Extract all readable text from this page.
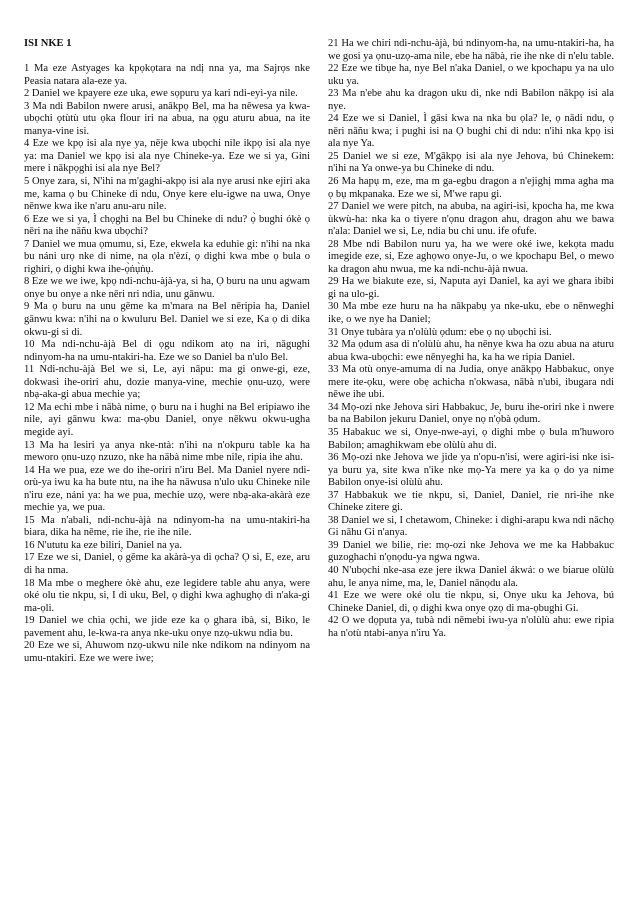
ISI NKE 1

1 Ma eze Astyages ka kpọkọtara na ndị nna ya, ma Sajrọs nke Peasia natara ala-eze ya.

2 Daniel we kpayere eze uka, ewe sọpuru ya kari ndi-eyì-ya nile.

3 Ma ndi Babilon nwere arusi, anākpọ Bel, ma ha nēwesa ya kwa-ubọchi ọtùtù utu ọka flour iri na abua, na ọgu aturu abua, na ite manya-vine isi.

4 Eze we kpọ isi ala nye ya, nēje kwa ubọchi nile ikpọ isi ala nye ya: ma Daniel we kpọ isi ala nye Chineke-ya. Eze we si ya, Gini mere i nākpọghi isi ala nye Bel?

5 Onye zara, si, N'ihi na m'gaghi-akpọ isi ala nye arusi nke ejiri aka me, kama ọ bu Chineke di ndu, Onye kere elu-igwe na uwa, Onye nēnwe kwa ike n'aru anu-aru nile.

6 Eze we si ya, Ì chọghi na Bel bu Chineke di ndu? ọ̀ bughi ókè ọ nēri na ihe nāñu kwa ubọchi?

7 Daniel we mua ọmumu, si, Eze, ekwela ka eduhie gi: n'ihi na nka bu náni urọ nke di nime, na ọla n'èzí, ọ dighi kwa mbe ọ bula o righiri, ọ dighi kwa ihe-ọ̀ṅụ̀ṅụ.

8 Eze we we iwe, kpọ ndi-nchu-àjà-ya, si ha, Ọ buru na unu agwam onye bu onye a nke nēri nri ndia, unu gānwu.

9 Ma ọ buru na unu gēme ka m'mara na Bel nēripia ha, Daniel gānwu kwa: n'ihi na o kwuluru Bel. Daniel we si eze, Ka ọ di dika okwu-gi si di.

10 Ma ndi-nchu-àjà Bel di ọgu ndikom atọ na iri, nāgughi ndinyom-ha na umu-ntakiri-ha. Eze we so Daniel ba n'ulo Bel.

11 Ndi-nchu-àjà Bel we si, Le, ayi nāpu: ma gi onwe-gi, eze, dokwasi ihe-oriri ahu, dozie manya-vine, mechie ọnu-uzọ, were nbạ-aka-gi abua mechie ya;

12 Ma echi mbe i nābà nime, ọ buru na i hughi na Bel eripiawo ihe nile, ayi gānwu kwa: ma-ọbu Daniel, onye nēkwu okwu-ugha megide ayi.

13 Ma ha lesiri ya anya nke-ntà: n'ihi na n'okpuru table ka ha meworo ọnu-uzọ nzuzo, nke ha nābà nime mbe nile, ripia ihe ahu.

14 Ha we pua, eze we do ihe-oriri n'iru Bel. Ma Daniel nyere ndi-orù-ya iwu ka ha bute ntu, na ihe ha nāwusa n'ulo uku Chineke nile n'iru eze, náni ya: ha we pua, mechie uzọ, were nbạ-aka-akàrà eze mechie ya, we pua.

15 Ma n'abali, ndi-nchu-àjà na ndinyom-ha na umu-ntakiri-ha biara, dika ha nēme, rie ihe, rie ihe nile.

16 N'ututu ka eze biliri, Daniel na ya.

17 Eze we si, Daniel, ọ̀ gēme ka akàrà-ya di ọcha? Ọ si, E, eze, aru di ha nma.

18 Ma mbe o meghere òkè ahu, eze legidere table ahu anya, were oké olu tie nkpu, si, I di uku, Bel, ọ dighi kwa aghughọ di n'aka-gi ma-ọli.

19 Daniel we chìa ọchi, we jide eze ka ọ ghara ibà, si, Biko, le pavement ahu, le-kwa-ra anya nke-uku onye nzọ-ukwu ndia bu.

20 Eze we si, Ahuwom nzọ-ukwu nile nke ndikom na ndinyom na umu-ntakiri. Eze we were iwe;

21 Ha we chiri ndi-nchu-àjà, bú ndinyom-ha, na umu-ntakiri-ha, ha we gosi ya ọnu-uzọ-ama nile, ebe ha nābà, rie ihe nke di n'elu table.

22 Eze we tibụe ha, nye Bel n'aka Daniel, o we kpochapu ya na ulo uku ya.

23 Ma n'ebe ahu ka dragon uku di, nke ndi Babilon nākpọ isi ala nye.

24 Eze we si Daniel, Ì gāsi kwa na nka bu ọla? le, ọ nādi ndu, ọ nēri nāñu kwa; i pughi isi na Ọ bughi chi di ndu: n'ihi nka kpọ isi ala nye Ya.

25 Daniel we si eze, M'gākpọ isi ala nye Jehova, bú Chinekem: n'ihi na Ya onwe-ya bu Chineke di ndu.

26 Ma hapụ m, eze, ma m ga-egbu dragon a n'ejighị mma agha ma ọ bụ mkpanaka. Eze we si, M'we rapu gi.

27 Daniel we were pitch, na abuba, na agiri-isi, kpocha ha, me kwa ùkwù-ha: nka ka o tiyere n'ọnu dragon ahu, dragon ahu we bawa n'ala: Daniel we si, Le, ndia bu chi unu. ife ofufe.

28 Mbe ndi Babilon nuru ya, ha we were oké iwe, kekọta madu imegide eze, si, Eze aghọwo onye-Ju, o we kpochapu Bel, o mewo ka dragon ahu nwua, me ka ndi-nchu-àjà nwua.

29 Ha we biakute eze, si, Naputa ayi Daniel, ka ayi we ghara ibibi gi na ulo-gi.

30 Ma mbe eze huru na ha nākpabụ ya nke-uku, ebe o nēnweghi ike, o we nye ha Daniel;

31 Onye tubàra ya n'olùlù ọdum: ebe ọ nọ ubọchi isi.

32 Ma ọdum asa di n'olùlù ahu, ha nēnye kwa ha ozu abua na aturu abua kwa-ubọchi: ewe nēnyeghi ha, ka ha we ripia Daniel.

33 Ma otù onye-amuma di na Judia, onye anākpọ Habbakuc, onye mere ite-ọku, were obẹ achicha n'okwasa, nābà n'ubi, ibugara ndi nēwe ihe ubi.

34 Mọ-ozi nke Jehova siri Habbakuc, Je, buru ihe-oriri nke i nwere ba na Babilon jekuru Daniel, onye nọ n'ọ̀bà ọdum.

35 Habakuc we si, Onye-nwe-ayi, ọ dighi mbe ọ bula m'huworo Babilon; amaghikwam ebe olùlù ahu di.

36 Mọ-ozi nke Jehova we jide ya n'opu-n'isi, were agiri-isi nke isi-ya buru ya, site kwa n'ike nke mọ-Ya mere ya ka ọ do ya nime Babilon onye-isi olùlù ahu.

37 Habbakuk we tie nkpu, si, Daniel, Daniel, rie nri-ihe nke Chineke zitere gi.

38 Daniel we si, I chetawom, Chineke: i dighi-arapu kwa ndi nāchọ Gi nāhu Gi n'anya.

39 Daniel we bilie, rie: mọ-ozi nke Jehova we me ka Habbakuc guzoghachi n'ọnọdu-ya ngwa ngwa.

40 N'ubọchi nke-asa eze jere ikwa Daniel ákwá: o we biarue olùlù ahu, le anya nime, ma, le, Daniel nānọdu ala.

41 Eze we were oké olu tie nkpu, si, Onye uku ka Jehova, bú Chineke Daniel, di, ọ dighi kwa onye ọzọ di ma-ọbughi Gi.

42 O we dọputa ya, tubà ndi nēmebi iwu-ya n'olùlù ahu: ewe ripia ha n'otù ntabi-anya n'iru Ya.
